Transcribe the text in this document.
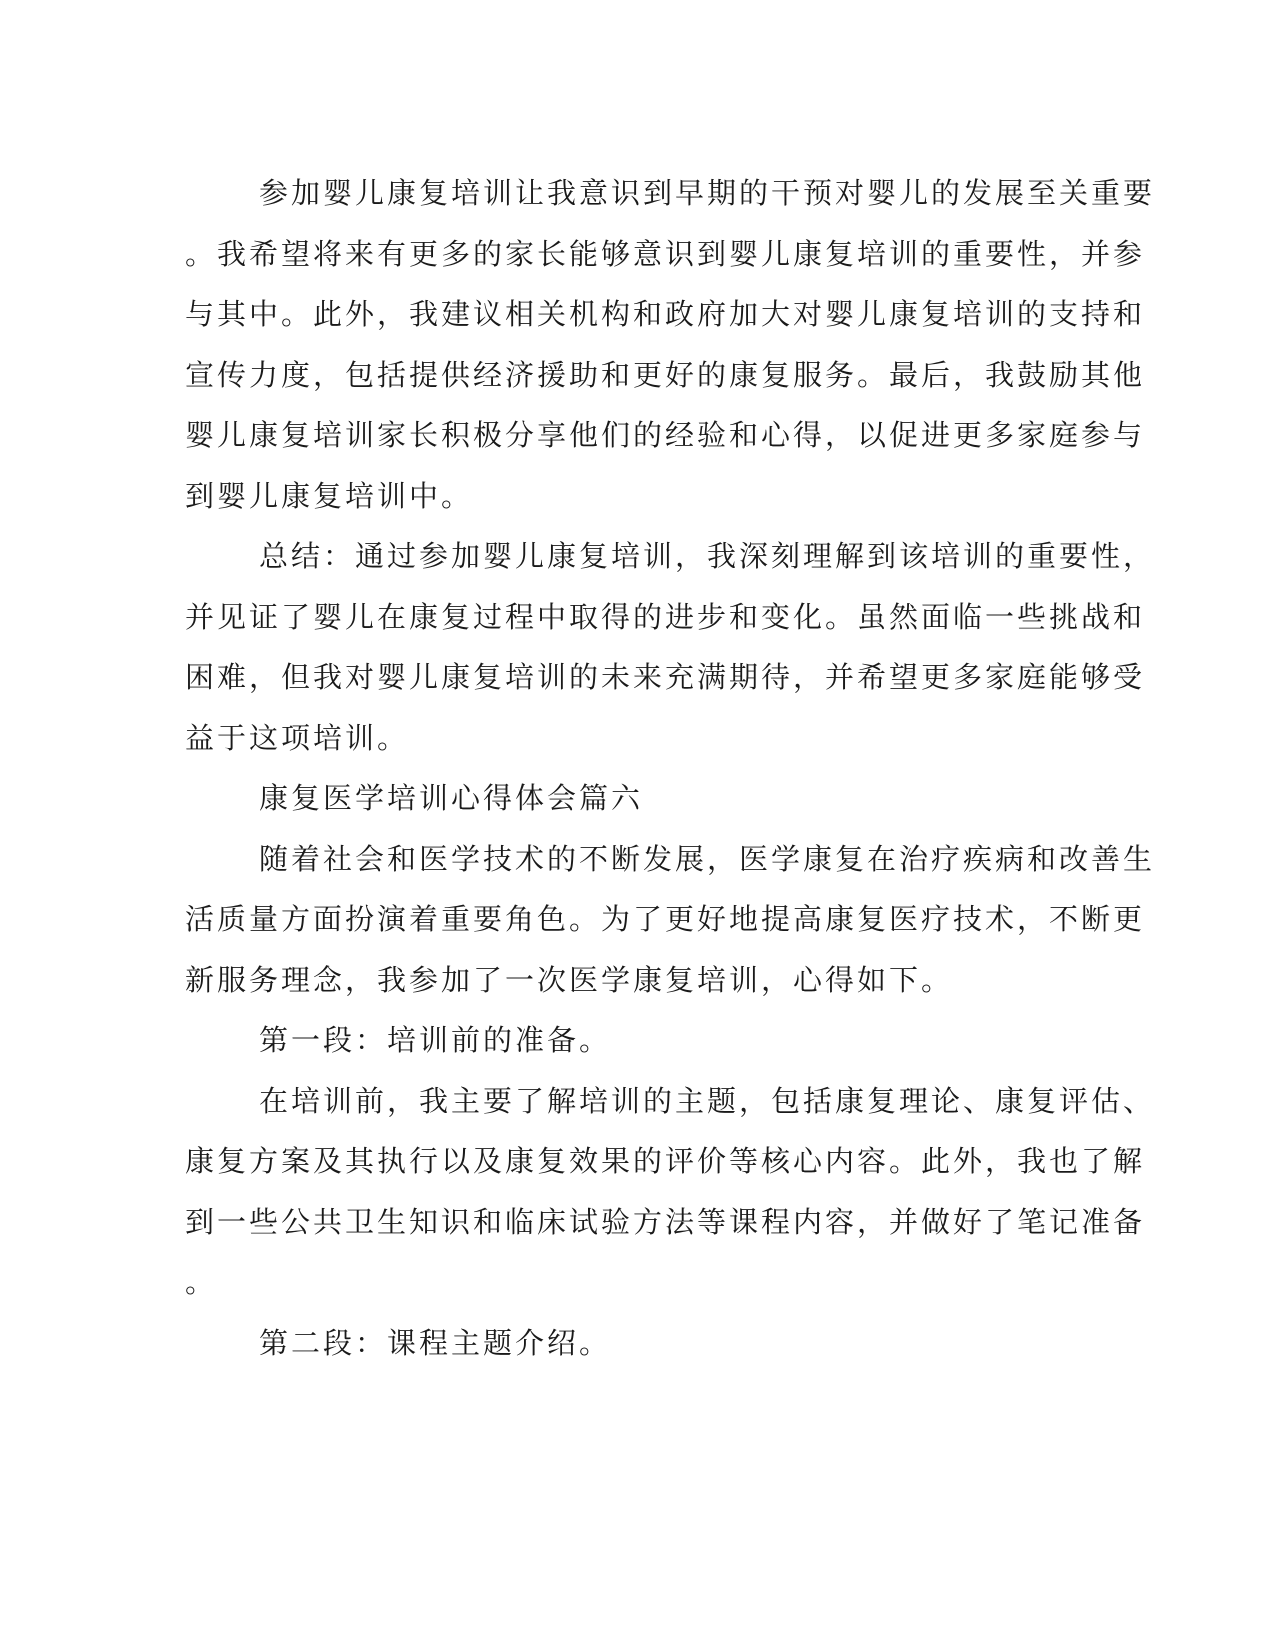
参加婴儿康复培训让我意识到早期的干预对婴儿的发展至关重要
。我希望将来有更多的家长能够意识到婴儿康复培训的重要性，并参
与其中。此外，我建议相关机构和政府加大对婴儿康复培训的支持和
宣传力度，包括提供经济援助和更好的康复服务。最后，我鼓励其他
婴儿康复培训家长积极分享他们的经验和心得，以促进更多家庭参与
到婴儿康复培训中。
总结：通过参加婴儿康复培训，我深刻理解到该培训的重要性，
并见证了婴儿在康复过程中取得的进步和变化。虽然面临一些挑战和
困难，但我对婴儿康复培训的未来充满期待，并希望更多家庭能够受
益于这项培训。
康复医学培训心得体会篇六
随着社会和医学技术的不断发展，医学康复在治疗疾病和改善生
活质量方面扮演着重要角色。为了更好地提高康复医疗技术，不断更
新服务理念，我参加了一次医学康复培训，心得如下。
第一段：培训前的准备。
在培训前，我主要了解培训的主题，包括康复理论、康复评估、
康复方案及其执行以及康复效果的评价等核心内容。此外，我也了解
到一些公共卫生知识和临床试验方法等课程内容，并做好了笔记准备
。
第二段：课程主题介绍。
